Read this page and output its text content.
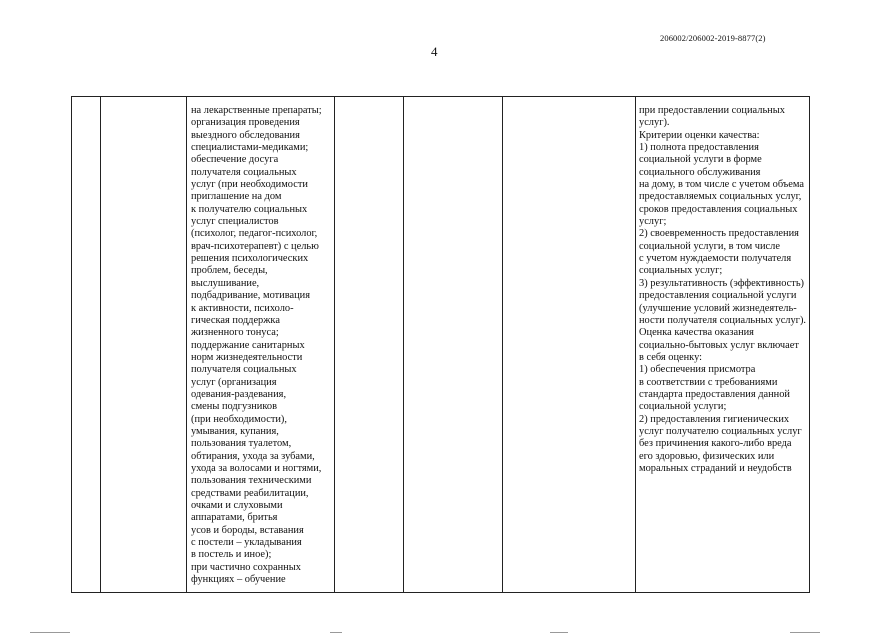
206002/206002-2019-8877(2)
4
на лекарственные препараты;
организация проведения
выездного обследования
специалистами-медиками;
обеспечение досуга
получателя социальных
услуг (при необходимости
приглашение на дом
к получателю социальных
услуг специалистов
(психолог, педагог-психолог,
врач-психотерапевт) с целью
решения психологических
проблем, беседы,
выслушивание,
подбадривание, мотивация
к активности, психоло-
гическая поддержка
жизненного тонуса;
поддержание санитарных
норм жизнедеятельности
получателя социальных
услуг (организация
одевания-раздевания,
смены подгузников
(при необходимости),
умывания, купания,
пользования туалетом,
обтирания, ухода за зубами,
ухода за волосами и ногтями,
пользования техническими
средствами реабилитации,
очками и слуховыми
аппаратами, бритья
усов и бороды, вставания
с постели – укладывания
в постель и иное);
при частично сохранных
функциях – обучение
при предоставлении социальных
услуг).
Критерии оценки качества:
1) полнота предоставления
социальной услуги в форме
социального обслуживания
на дому, в том числе с учетом объема
предоставляемых социальных услуг,
сроков предоставления социальных
услуг;
2) своевременность предоставления
социальной услуги, в том числе
с учетом нуждаемости получателя
социальных услуг;
3) результативность (эффективность)
предоставления социальной услуги
(улучшение условий жизнедеятель-
ности получателя социальных услуг).
Оценка качества оказания
социально-бытовых услуг включает
в себя оценку:
1) обеспечения присмотра
в соответствии с требованиями
стандарта предоставления данной
социальной услуги;
2) предоставления гигиенических
услуг получателю социальных услуг
без причинения какого-либо вреда
его здоровью, физических или
моральных страданий и неудобств
